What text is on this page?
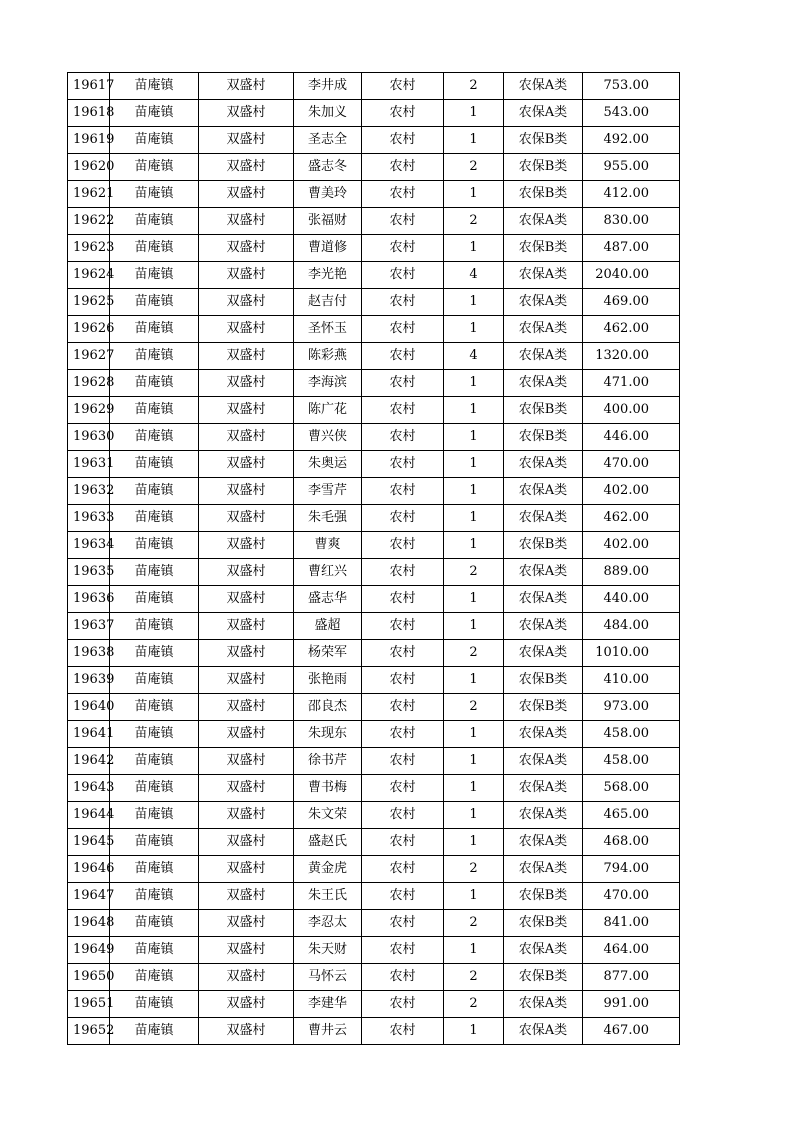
19617	苗庵镇	双盛村	李井成	农村	2	农保A类	753.00
19618	苗庵镇	双盛村	朱加义	农村	1	农保A类	543.00
19619	苗庵镇	双盛村	圣志全	农村	1	农保B类	492.00
19620	苗庵镇	双盛村	盛志冬	农村	2	农保B类	955.00
19621	苗庵镇	双盛村	曹美玲	农村	1	农保B类	412.00
19622	苗庵镇	双盛村	张福财	农村	2	农保A类	830.00
19623	苗庵镇	双盛村	曹道修	农村	1	农保B类	487.00
19624	苗庵镇	双盛村	李光艳	农村	4	农保A类	2040.00
19625	苗庵镇	双盛村	赵吉付	农村	1	农保A类	469.00
19626	苗庵镇	双盛村	圣怀玉	农村	1	农保A类	462.00
19627	苗庵镇	双盛村	陈彩燕	农村	4	农保A类	1320.00
19628	苗庵镇	双盛村	李海滨	农村	1	农保A类	471.00
19629	苗庵镇	双盛村	陈广花	农村	1	农保B类	400.00
19630	苗庵镇	双盛村	曹兴侠	农村	1	农保B类	446.00
19631	苗庵镇	双盛村	朱奥运	农村	1	农保A类	470.00
19632	苗庵镇	双盛村	李雪芹	农村	1	农保A类	402.00
19633	苗庵镇	双盛村	朱毛强	农村	1	农保A类	462.00
19634	苗庵镇	双盛村	曹爽	农村	1	农保B类	402.00
19635	苗庵镇	双盛村	曹红兴	农村	2	农保A类	889.00
19636	苗庵镇	双盛村	盛志华	农村	1	农保A类	440.00
19637	苗庵镇	双盛村	盛超	农村	1	农保A类	484.00
19638	苗庵镇	双盛村	杨荣军	农村	2	农保A类	1010.00
19639	苗庵镇	双盛村	张艳雨	农村	1	农保B类	410.00
19640	苗庵镇	双盛村	邵良杰	农村	2	农保B类	973.00
19641	苗庵镇	双盛村	朱现东	农村	1	农保A类	458.00
19642	苗庵镇	双盛村	徐书芹	农村	1	农保A类	458.00
19643	苗庵镇	双盛村	曹书梅	农村	1	农保A类	568.00
19644	苗庵镇	双盛村	朱文荣	农村	1	农保A类	465.00
19645	苗庵镇	双盛村	盛赵氏	农村	1	农保A类	468.00
19646	苗庵镇	双盛村	黄金虎	农村	2	农保A类	794.00
19647	苗庵镇	双盛村	朱王氏	农村	1	农保B类	470.00
19648	苗庵镇	双盛村	李忍太	农村	2	农保B类	841.00
19649	苗庵镇	双盛村	朱天财	农村	1	农保A类	464.00
19650	苗庵镇	双盛村	马怀云	农村	2	农保B类	877.00
19651	苗庵镇	双盛村	李建华	农村	2	农保A类	991.00
19652	苗庵镇	双盛村	曹井云	农村	1	农保A类	467.00
